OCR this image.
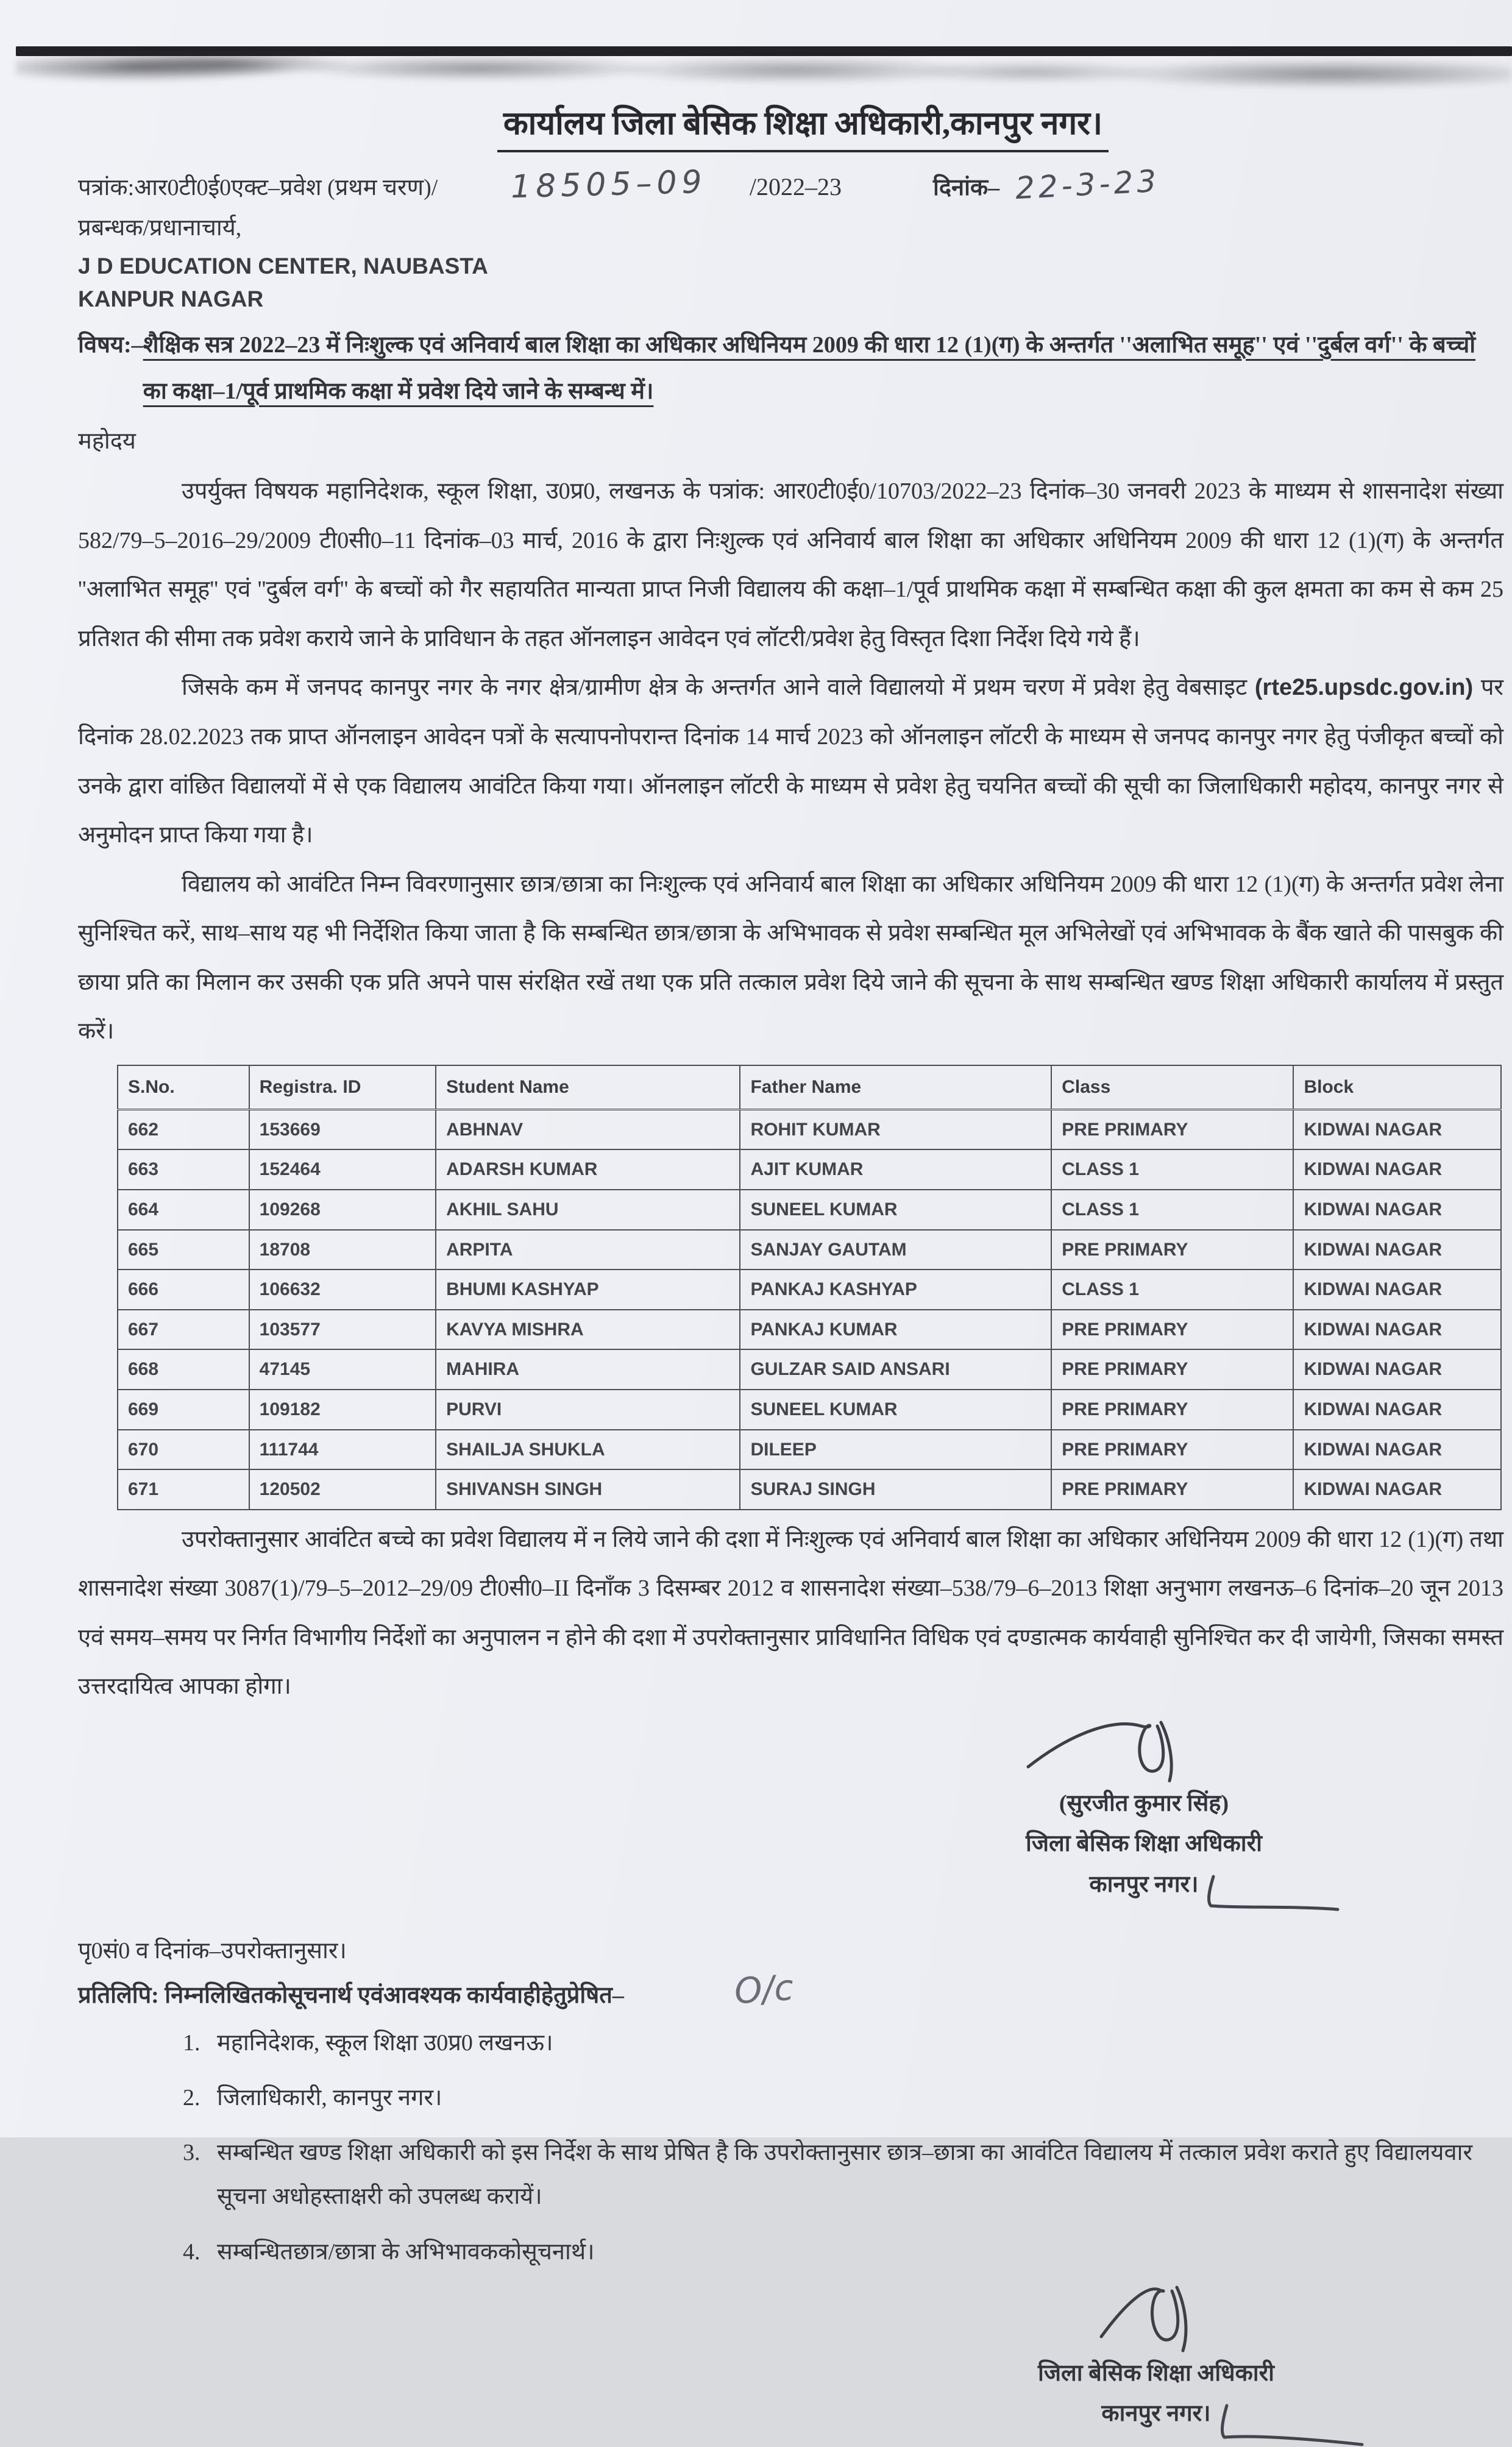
कार्यालय जिला बेसिक शिक्षा अधिकारी,कानपुर नगर।
पत्रांक:आर0टी0ई0एक्ट–प्रवेश (प्रथम चरण)/ 18505–09 /2022–23	दिनांक– 22-3-23
प्रबन्धक/प्रधानाचार्य,
J D EDUCATION CENTER, NAUBASTA
KANPUR NAGAR
विषय:– शैक्षिक सत्र 2022–23 में निःशुल्क एवं अनिवार्य बाल शिक्षा का अधिकार अधिनियम 2009 की धारा 12 (1)(ग) के अन्तर्गत ''अलाभित समूह'' एवं ''दुर्बल वर्ग'' के बच्चों का कक्षा–1/पूर्व प्राथमिक कक्षा में प्रवेश दिये जाने के सम्बन्ध में।
महोदय

उपर्युक्त विषयक महानिदेशक, स्कूल शिक्षा, उ0प्र0, लखनऊ के पत्रांक: आर0टी0ई0/10703/2022–23 दिनांक–30 जनवरी 2023 के माध्यम से शासनादेश संख्या 582/79–5–2016–29/2009 टी0सी0–11 दिनांक–03 मार्च, 2016 के द्वारा निःशुल्क एवं अनिवार्य बाल शिक्षा का अधिकार अधिनियम 2009 की धारा 12 (1)(ग) के अन्तर्गत ''अलाभित समूह'' एवं ''दुर्बल वर्ग'' के बच्चों को गैर सहायतित मान्यता प्राप्त निजी विद्यालय की कक्षा–1/पूर्व प्राथमिक कक्षा में सम्बन्धित कक्षा की कुल क्षमता का कम से कम 25 प्रतिशत की सीमा तक प्रवेश कराये जाने के प्राविधान के तहत ऑनलाइन आवेदन एवं लॉटरी/प्रवेश हेतु विस्तृत दिशा निर्देश दिये गये हैं।

जिसके कम में जनपद कानपुर नगर के नगर क्षेत्र/ग्रामीण क्षेत्र के अन्तर्गत आने वाले विद्यालयो में प्रथम चरण में प्रवेश हेतु वेबसाइट (rte25.upsdc.gov.in) पर दिनांक 28.02.2023 तक प्राप्त ऑनलाइन आवेदन पत्रों के सत्यापनोपरान्त दिनांक 14 मार्च 2023 को ऑनलाइन लॉटरी के माध्यम से जनपद कानपुर नगर हेतु पंजीकृत बच्चों को उनके द्वारा वांछित विद्यालयों में से एक विद्यालय आवंटित किया गया। ऑनलाइन लॉटरी के माध्यम से प्रवेश हेतु चयनित बच्चों की सूची का जिलाधिकारी महोदय, कानपुर नगर से अनुमोदन प्राप्त किया गया है।

विद्यालय को आवंटित निम्न विवरणानुसार छात्र/छात्रा का निःशुल्क एवं अनिवार्य बाल शिक्षा का अधिकार अधिनियम 2009 की धारा 12 (1)(ग) के अन्तर्गत प्रवेश लेना सुनिश्चित करें, साथ–साथ यह भी निर्देशित किया जाता है कि सम्बन्धित छात्र/छात्रा के अभिभावक से प्रवेश सम्बन्धित मूल अभिलेखों एवं अभिभावक के बैंक खाते की पासबुक की छाया प्रति का मिलान कर उसकी एक प्रति अपने पास संरक्षित रखें तथा एक प्रति तत्काल प्रवेश दिये जाने की सूचना के साथ सम्बन्धित खण्ड शिक्षा अधिकारी कार्यालय में प्रस्तुत करें।

S.No.	Registra. ID	Student Name	Father Name	Class	Block
662	153669	ABHNAV	ROHIT KUMAR	PRE PRIMARY	KIDWAI NAGAR
663	152464	ADARSH KUMAR	AJIT KUMAR	CLASS 1	KIDWAI NAGAR
664	109268	AKHIL SAHU	SUNEEL KUMAR	CLASS 1	KIDWAI NAGAR
665	18708	ARPITA	SANJAY GAUTAM	PRE PRIMARY	KIDWAI NAGAR
666	106632	BHUMI KASHYAP	PANKAJ KASHYAP	CLASS 1	KIDWAI NAGAR
667	103577	KAVYA MISHRA	PANKAJ KUMAR	PRE PRIMARY	KIDWAI NAGAR
668	47145	MAHIRA	GULZAR SAID ANSARI	PRE PRIMARY	KIDWAI NAGAR
669	109182	PURVI	SUNEEL KUMAR	PRE PRIMARY	KIDWAI NAGAR
670	111744	SHAILJA SHUKLA	DILEEP	PRE PRIMARY	KIDWAI NAGAR
671	120502	SHIVANSH SINGH	SURAJ SINGH	PRE PRIMARY	KIDWAI NAGAR

उपरोक्तानुसार आवंटित बच्चे का प्रवेश विद्यालय में न लिये जाने की दशा में निःशुल्क एवं अनिवार्य बाल शिक्षा का अधिकार अधिनियम 2009 की धारा 12 (1)(ग) तथा शासनादेश संख्या 3087(1)/79–5–2012–29/09 टी0सी0–II दिनाँक 3 दिसम्बर 2012 व शासनादेश संख्या–538/79–6–2013 शिक्षा अनुभाग लखनऊ–6 दिनांक–20 जून 2013 एवं समय–समय पर निर्गत विभागीय निर्देशों का अनुपालन न होने की दशा में उपरोक्तानुसार प्राविधानित विधिक एवं दण्डात्मक कार्यवाही सुनिश्चित कर दी जायेगी, जिसका समस्त उत्तरदायित्व आपका होगा।

(सुरजीत कुमार सिंह)
जिला बेसिक शिक्षा अधिकारी
कानपुर नगर।
पृ0सं0 व दिनांक–उपरोक्तानुसार।
प्रतिलिपि: निम्नलिखितकोसूचनार्थ एवंआवश्यक कार्यवाहीहेतुप्रेषित–
1. महानिदेशक, स्कूल शिक्षा उ0प्र0 लखनऊ।
2. जिलाधिकारी, कानपुर नगर।
3. सम्बन्धित खण्ड शिक्षा अधिकारी को इस निर्देश के साथ प्रेषित है कि उपरोक्तानुसार छात्र–छात्रा का आवंटित विद्यालय में तत्काल प्रवेश कराते हुए विद्यालयवार सूचना अधोहस्ताक्षरी को उपलब्ध करायें।
4. सम्बन्धितछात्र/छात्रा के अभिभावककोसूचनार्थ।
जिला बेसिक शिक्षा अधिकारी
कानपुर नगर।
O/c
